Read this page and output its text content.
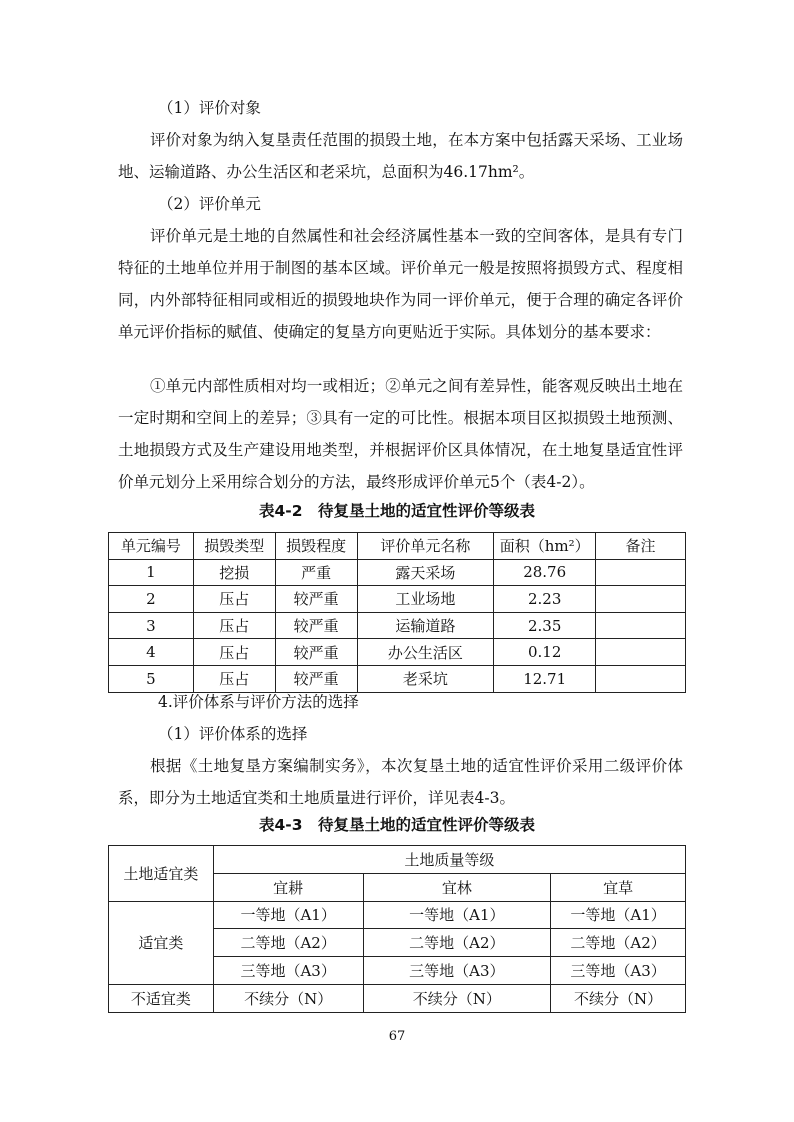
（1）评价对象

评价对象为纳入复垦责任范围的损毁土地，在本方案中包括露天采场、工业场地、运输道路、办公生活区和老采坑，总面积为46.17hm²。

（2）评价单元

评价单元是土地的自然属性和社会经济属性基本一致的空间客体，是具有专门特征的土地单位并用于制图的基本区域。评价单元一般是按照将损毁方式、程度相同，内外部特征相同或相近的损毁地块作为同一评价单元，便于合理的确定各评价单元评价指标的赋值、使确定的复垦方向更贴近于实际。具体划分的基本要求：

①单元内部性质相对均一或相近；②单元之间有差异性，能客观反映出土地在一定时期和空间上的差异；③具有一定的可比性。根据本项目区拟损毁土地预测、土地损毁方式及生产建设用地类型，并根据评价区具体情况，在土地复垦适宜性评价单元划分上采用综合划分的方法，最终形成评价单元5个（表4-2）。

表4-2　待复垦土地的适宜性评价等级表
单元编号	损毁类型	损毁程度	评价单元名称	面积（hm²）	备注
1	挖损	严重	露天采场	28.76	
2	压占	较严重	工业场地	2.23	
3	压占	较严重	运输道路	2.35	
4	压占	较严重	办公生活区	0.12	
5	压占	较严重	老采坑	12.71	

4.评价体系与评价方法的选择

（1）评价体系的选择

根据《土地复垦方案编制实务》，本次复垦土地的适宜性评价采用二级评价体系，即分为土地适宜类和土地质量进行评价，详见表4-3。

表4-3　待复垦土地的适宜性评价等级表
土地适宜类	土地质量等级		
	宜耕	宜林	宜草
适宜类	一等地（A1）	一等地（A1）	一等地（A1）
	二等地（A2）	二等地（A2）	二等地（A2）
	三等地（A3）	三等地（A3）	三等地（A3）
不适宜类	不续分（N）	不续分（N）	不续分（N）
67
